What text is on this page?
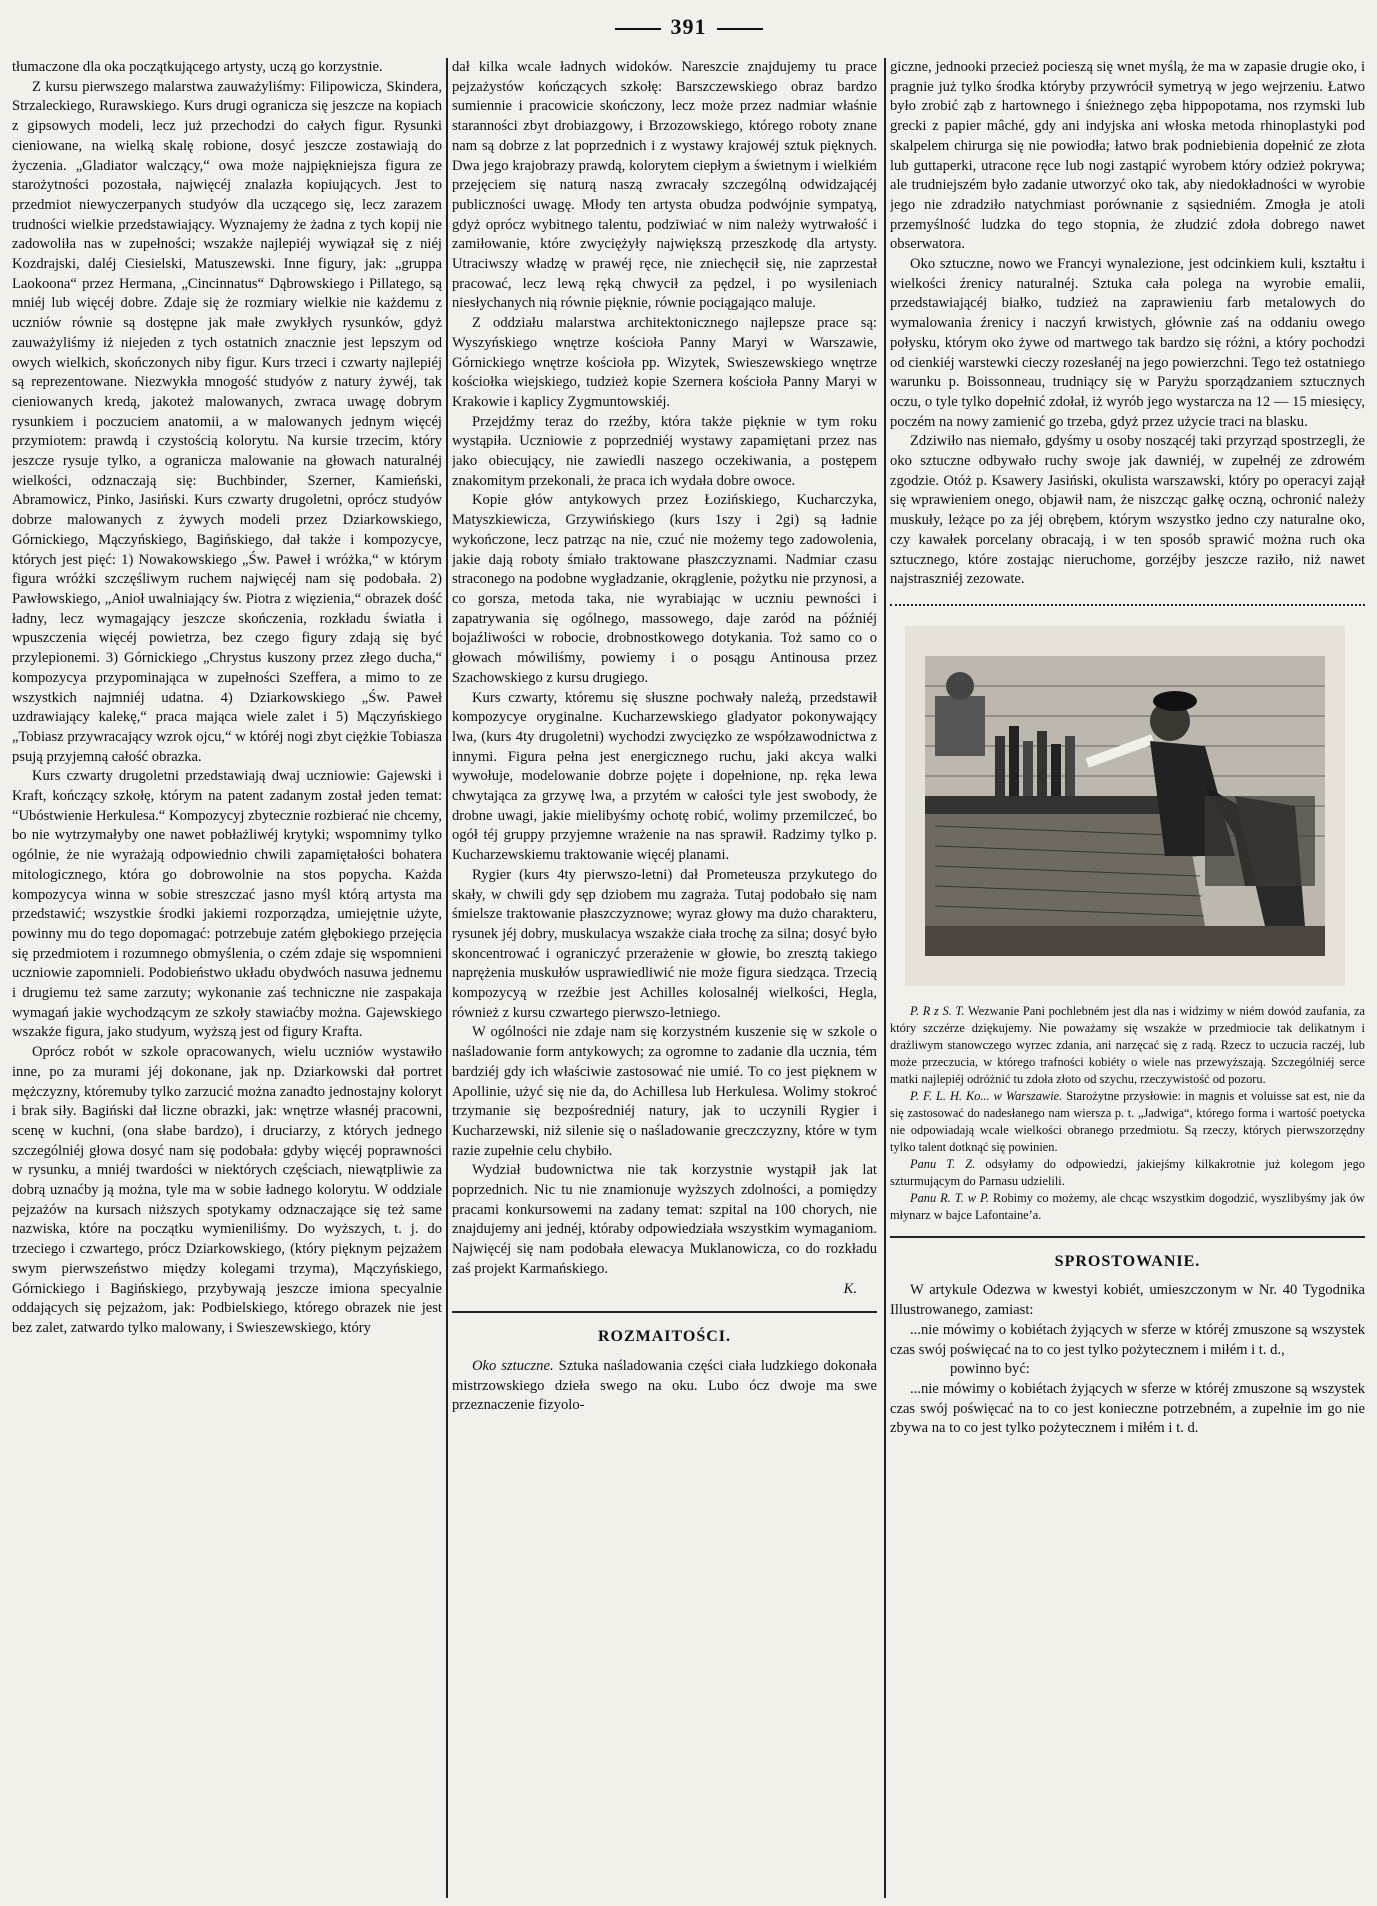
391

tłumaczone dla oka początkującego artysty, uczą go korzystnie.

Z kursu pierwszego malarstwa zauważyliśmy: Filipowicza, Skindera, Strzaleckiego, Rurawskiego. Kurs drugi ogranicza się jeszcze na kopiach z gipsowych modeli, lecz już przechodzi do całych figur. Rysunki cieniowane, na wielką skalę robione, dosyć jeszcze zostawiają do życzenia. „Gladiator walczący,“ owa może najpiękniejsza figura ze starożytności pozostała, najwięcéj znalazła kopiujących. Jest to przedmiot niewyczerpanych studyów dla uczącego się, lecz zarazem trudności wielkie przedstawiający. Wyznajemy że żadna z tych kopij nie zadowoliła nas w zupełności; wszakże najlepiéj wywiązał się z niéj Kozdrajski, daléj Ciesielski, Matuszewski. Inne figury, jak: „gruppa Laokoona“ przez Hermana, „Cincinnatus“ Dąbrowskiego i Pillatego, są mniéj lub więcéj dobre. Zdaje się że rozmiary wielkie nie każdemu z uczniów równie są dostępne jak małe zwykłych rysunków, gdyż zauważyliśmy iż niejeden z tych ostatnich znacznie jest lepszym od owych wielkich, skończonych niby figur. Kurs trzeci i czwarty najlepiéj są reprezentowane. Niezwykła mnogość studyów z natury żywéj, tak cieniowanych kredą, jakoteż malowanych, zwraca uwagę dobrym rysunkiem i poczuciem anatomii, a w malowanych jednym więcéj przymiotem: prawdą i czystością kolorytu. Na kursie trzecim, który jeszcze rysuje tylko, a ogranicza malowanie na głowach naturalnéj wielkości, odznaczają się: Buchbinder, Szerner, Kamieński, Abramowicz, Pinko, Jasiński. Kurs czwarty drugoletni, oprócz studyów dobrze malowanych z żywych modeli przez Dziarkowskiego, Górnickiego, Mączyńskiego, Bagińskiego, dał także i kompozycye, których jest pięć: 1) Nowakowskiego „Św. Paweł i wróżka,“ w którym figura wróżki szczęśliwym ruchem najwięcéj nam się podobała. 2) Pawłowskiego, „Anioł uwalniający św. Piotra z więzienia,“ obrazek dość ładny, lecz wymagający jeszcze skończenia, rozkładu światła i wpuszczenia więcéj powietrza, bez czego figury zdają się być przylepionemi. 3) Górnickiego „Chrystus kuszony przez złego ducha,“ kompozycya przypominająca w zupełności Szeffera, a mimo to ze wszystkich najmniéj udatna. 4) Dziarkowskiego „Św. Paweł uzdrawiający kalekę,“ praca mająca wiele zalet i 5) Mączyńskiego „Tobiasz przywracający wzrok ojcu,“ w któréj nogi zbyt ciężkie Tobiasza psują przyjemną całość obrazka.

Kurs czwarty drugoletni przedstawiają dwaj uczniowie: Gajewski i Kraft, kończący szkołę, którym na patent zadanym został jeden temat: “Ubóstwienie Herkulesa.“ Kompozycyj zbytecznie rozbierać nie chcemy, bo nie wytrzymałyby one nawet pobłażliwéj krytyki; wspomnimy tylko ogólnie, że nie wyrażają odpowiednio chwili zapamiętałości bohatera mitologicznego, która go dobrowolnie na stos popycha. Każda kompozycya winna w sobie streszczać jasno myśl którą artysta ma przedstawić; wszystkie środki jakiemi rozporządza, umiejętnie użyte, powinny mu do tego dopomagać: potrzebuje zatém głębokiego przejęcia się przedmiotem i rozumnego obmyślenia, o czém zdaje się wspomnieni uczniowie zapomnieli. Podobieństwo układu obydwóch nasuwa jednemu i drugiemu też same zarzuty; wykonanie zaś techniczne nie zaspakaja wymagań jakie wychodzącym ze szkoły stawiaćby można. Gajewskiego wszakże figura, jako studyum, wyższą jest od figury Krafta.

Oprócz robót w szkole opracowanych, wielu uczniów wystawiło inne, po za murami jéj dokonane, jak np. Dziarkowski dał portret mężczyzny, któremuby tylko zarzucić można zanadto jednostajny koloryt i brak siły. Bagiński dał liczne obrazki, jak: wnętrze własnéj pracowni, scenę w kuchni, (ona słabe bardzo), i druciarzy, z których jednego szczególniéj głowa dosyć nam się podobała: gdyby więcéj poprawności w rysunku, a mniéj twardości w niektórych częściach, niewątpliwie za dobrą uznaćby ją można, tyle ma w sobie ładnego kolorytu. W oddziale pejzażów na kursach niższych spotykamy odznaczające się też same nazwiska, które na początku wymieniliśmy. Do wyższych, t. j. do trzeciego i czwartego, prócz Dziarkowskiego, (który pięknym pejzażem swym pierwszeństwo między kolegami trzyma), Mączyńskiego, Górnickiego i Bagińskiego, przybywają jeszcze imiona specyalnie oddających się pejzażom, jak: Podbielskiego, którego obrazek nie jest bez zalet, zatwardo tylko malowany, i Swieszewskiego, który

dał kilka wcale ładnych widoków. Nareszcie znajdujemy tu prace pejzażystów kończących szkołę: Barszczewskiego obraz bardzo sumiennie i pracowicie skończony, lecz może przez nadmiar właśnie staranności zbyt drobiazgowy, i Brzozowskiego, którego roboty znane nam są dobrze z lat poprzednich i z wystawy krajowéj sztuk pięknych. Dwa jego krajobrazy prawdą, kolorytem ciepłym a świetnym i wielkiém przejęciem się naturą naszą zwracały szczególną odwidzającéj publiczności uwagę. Młody ten artysta obudza podwójnie sympatyą, gdyż oprócz wybitnego talentu, podziwiać w nim należy wytrwałość i zamiłowanie, które zwyciężyły największą przeszkodę dla artysty. Utraciwszy władzę w prawéj ręce, nie zniechęcił się, nie zaprzestał pracować, lecz lewą ręką chwycił za pędzel, i po wysileniach niesłychanych nią równie pięknie, równie pociągająco maluje.

Z oddziału malarstwa architektonicznego najlepsze prace są: Wyszyńskiego wnętrze kościoła Panny Maryi w Warszawie, Górnickiego wnętrze kościoła pp. Wizytek, Swieszewskiego wnętrze kościołka wiejskiego, tudzież kopie Szernera kościoła Panny Maryi w Krakowie i kaplicy Zygmuntowskiéj.

Przejdźmy teraz do rzeźby, która także pięknie w tym roku wystąpiła. Uczniowie z poprzedniéj wystawy zapamiętani przez nas jako obiecujący, nie zawiedli naszego oczekiwania, a postępem znakomitym przekonali, że praca ich wydała dobre owoce.

Kopie głów antykowych przez Łozińskiego, Kucharczyka, Matyszkiewicza, Grzywińskiego (kurs 1szy i 2gi) są ładnie wykończone, lecz patrząc na nie, czuć nie możemy tego zadowolenia, jakie dają roboty śmiało traktowane płaszczyznami. Nadmiar czasu straconego na podobne wygładzanie, okrąglenie, pożytku nie przynosi, a co gorsza, metoda taka, nie wyrabiając w uczniu pewności i zapatrywania się ogólnego, massowego, daje zaród na późniéj bojaźliwości w robocie, drobnostkowego dotykania. Toż samo co o głowach mówiliśmy, powiemy i o posągu Antinousa przez Szachowskiego z kursu drugiego.

Kurs czwarty, któremu się słuszne pochwały należą, przedstawił kompozycye oryginalne. Kucharzewskiego gladyator pokonywający lwa, (kurs 4ty drugoletni) wychodzi zwycięzko ze współzawodnictwa z innymi. Figura pełna jest energicznego ruchu, jaki akcya walki wywołuje, modelowanie dobrze pojęte i dopełnione, np. ręka lewa chwytająca za grzywę lwa, a przytém w całości tyle jest swobody, że drobne uwagi, jakie mielibyśmy ochotę robić, wolimy przemilczeć, bo ogół téj gruppy przyjemne wrażenie na nas sprawił. Radzimy tylko p. Kucharzewskiemu traktowanie więcéj planami.

Rygier (kurs 4ty pierwszo-letni) dał Prometeusza przykutego do skały, w chwili gdy sęp dziobem mu zagraża. Tutaj podobało się nam śmielsze traktowanie płaszczyznowe; wyraz głowy ma dużo charakteru, rysunek jéj dobry, muskulacya wszakże ciała trochę za silna; dosyć było skoncentrować i ograniczyć przerażenie w głowie, bo zresztą takiego naprężenia muskułów usprawiedliwić nie może figura siedząca. Trzecią kompozycyą w rzeźbie jest Achilles kolosalnéj wielkości, Hegla, również z kursu czwartego pierwszo-letniego.

W ogólności nie zdaje nam się korzystném kuszenie się w szkole o naśladowanie form antykowych; za ogromne to zadanie dla ucznia, tém bardziéj gdy ich właściwie zastosować nie umié. To co jest pięknem w Apollinie, użyć się nie da, do Achillesa lub Herkulesa. Wolimy stokroć trzymanie się bezpośredniéj natury, jak to uczynili Rygier i Kucharzewski, niż silenie się o naśladowanie greczczyzny, które w tym razie zupełnie celu chybiło.

Wydział budownictwa nie tak korzystnie wystąpił jak lat poprzednich. Nic tu nie znamionuje wyższych zdolności, a pomiędzy pracami konkursowemi na zadany temat: szpital na 100 chorych, nie znajdujemy ani jednéj, któraby odpowiedziała wszystkim wymaganiom. Najwięcéj się nam podobała elewacya Muklanowicza, co do rozkładu zaś projekt Karmańskiego.

K.
ROZMAITOŚCI.

Oko sztuczne. Sztuka naśladowania części ciała ludzkiego dokonała mistrzowskiego dzieła swego na oku. Lubo ócz dwoje ma swe przeznaczenie fizyolo-

giczne, jednooki przecież pocieszą się wnet myślą, że ma w zapasie drugie oko, i pragnie już tylko środka któryby przywrócił symetryą w jego wejrzeniu. Łatwo było zrobić ząb z hartownego i śnieżnego zęba hippopotama, nos rzymski lub grecki z papier mâché, gdy ani indyjska ani włoska metoda rhinoplastyki pod skalpelem chirurga się nie powiodła; łatwo brak podniebienia dopełnić ze złota lub guttaperki, utracone ręce lub nogi zastąpić wyrobem który odzież pokrywa; ale trudniejszém było zadanie utworzyć oko tak, aby niedokładności w wyrobie jego nie zdradziło natychmiast porównanie z sąsiedniém. Zmogła je atoli przemyślność ludzka do tego stopnia, że złudzić zdoła dobrego nawet obserwatora.

Oko sztuczne, nowo we Francyi wynalezione, jest odcinkiem kuli, kształtu i wielkości źrenicy naturalnéj. Sztuka cała polega na wyrobie emalii, przedstawiającéj białko, tudzież na zaprawieniu farb metalowych do wymalowania źrenicy i naczyń krwistych, głównie zaś na oddaniu owego połysku, którym oko żywe od martwego tak bardzo się różni, a który pochodzi od cienkiéj warstewki cieczy rozesłanéj na jego powierzchni. Tego też ostatniego warunku p. Boissonneau, trudniący się w Paryżu sporządzaniem sztucznych oczu, o tyle tylko dopełnić zdołał, iż wyrób jego wystarcza na 12 — 15 miesięcy, poczém na nowy zamienić go trzeba, gdyż przez użycie traci na blasku.

Zdziwiło nas niemało, gdyśmy u osoby noszącéj taki przyrząd spostrzegli, że oko sztuczne odbywało ruchy swoje jak dawniéj, w zupełnéj ze zdrowém zgodzie. Otóż p. Ksawery Jasiński, okulista warszawski, który po operacyi zajął się wprawieniem onego, objawił nam, że niszcząc gałkę oczną, ochronić należy muskuły, leżące po za jéj obrębem, którym wszystko jedno czy naturalne oko, czy kawałek porcelany obracają, i w ten sposób sprawić można ruch oka sztucznego, które zostając nieruchome, gorzéjby jeszcze raziło, niż nawet najstraszniéj zezowate.

P. R z S. T. Wezwanie Pani pochlebném jest dla nas i widzimy w niém dowód zaufania, za który szczérze dziękujemy. Nie poważamy się wszakże w przedmiocie tak delikatnym i drażliwym stanowczego wyrzec zdania, ani narzęcać się z radą. Rzecz to uczucia raczéj, lub może przeczucia, w którego trafności kobiéty o wiele nas przewyższają. Szczególniéj serce matki najlepiéj odróżnić tu zdoła złoto od szychu, rzeczywistość od pozoru.

P. F. L. H. Ko... w Warszawie. Starożytne przysłowie: in magnis et voluisse sat est, nie da się zastosować do nadesłanego nam wiersza p. t. „Jadwiga“, którego forma i wartość poetycka nie odpowiadają wcale wielkości obranego przedmiotu. Są rzeczy, których pierwszorzędny tylko talent dotknąć się powinien.

Panu T. Z. odsyłamy do odpowiedzi, jakiejśmy kilkakrotnie już kolegom jego szturmującym do Parnasu udzielili.

Panu R. T. w P. Robimy co możemy, ale chcąc wszystkim dogodzić, wyszlibyśmy jak ów młynarz w bajce Lafontaine’a.

SPROSTOWANIE.

W artykule Odezwa w kwestyi kobiét, umieszczonym w Nr. 40 Tygodnika Illustrowanego, zamiast:

...nie mówimy o kobiétach żyjących w sferze w któréj zmuszone są wszystek czas swój poświęcać na to co jest tylko pożytecznem i miłém i t. d.,

powinno być:

...nie mówimy o kobiétach żyjących w sferze w któréj zmuszone są wszystek czas swój poświęcać na to co jest konieczne potrzebném, a zupełnie im go nie zbywa na to co jest tylko pożytecznem i miłém i t. d.
